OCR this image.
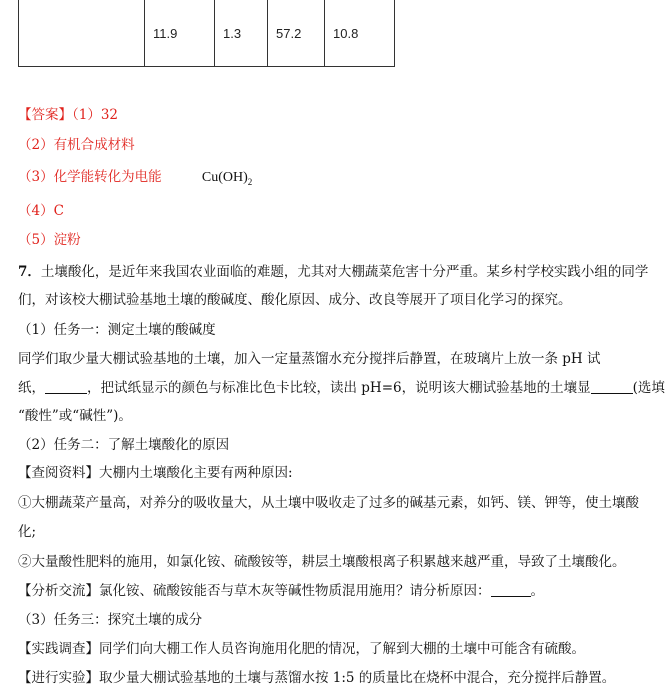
	11.9	1.3	57.2	10.8
【答案】（1）32
（2）有机合成材料
（3）化学能转化为电能	$Cu(OH)_2$
（4）C
（5）淀粉
7．土壤酸化，是近年来我国农业面临的难题，尤其对大棚蔬菜危害十分严重。某乡村学校实践小组的同学
们，对该校大棚试验基地土壤的酸碱度、酸化原因、成分、改良等展开了项目化学习的探究。
（1）任务一：测定土壤的酸碱度
同学们取少量大棚试验基地的土壤，加入一定量蒸馏水充分搅拌后静置，在玻璃片上放一条 pH 试
纸，	，把试纸显示的颜色与标准比色卡比较，读出 pH=6，说明该大棚试验基地的土壤显	(选填
“酸性”或“碱性”)。
（2）任务二：了解土壤酸化的原因
【查阅资料】大棚内土壤酸化主要有两种原因:
①大棚蔬菜产量高，对养分的吸收量大，从土壤中吸收走了过多的碱基元素，如钙、镁、钾等，使土壤酸
化;
②大量酸性肥料的施用，如氯化铵、硫酸铵等，耕层土壤酸根离子积累越来越严重，导致了土壤酸化。
【分析交流】氯化铵、硫酸铵能否与草木灰等碱性物质混用施用？请分析原因：	。
（3）任务三：探究土壤的成分
【实践调查】同学们向大棚工作人员咨询施用化肥的情况，了解到大棚的土壤中可能含有硫酸。
【进行实验】取少量大棚试验基地的土壤与蒸馏水按 1:5 的质量比在烧杯中混合，充分搅拌后静置。
